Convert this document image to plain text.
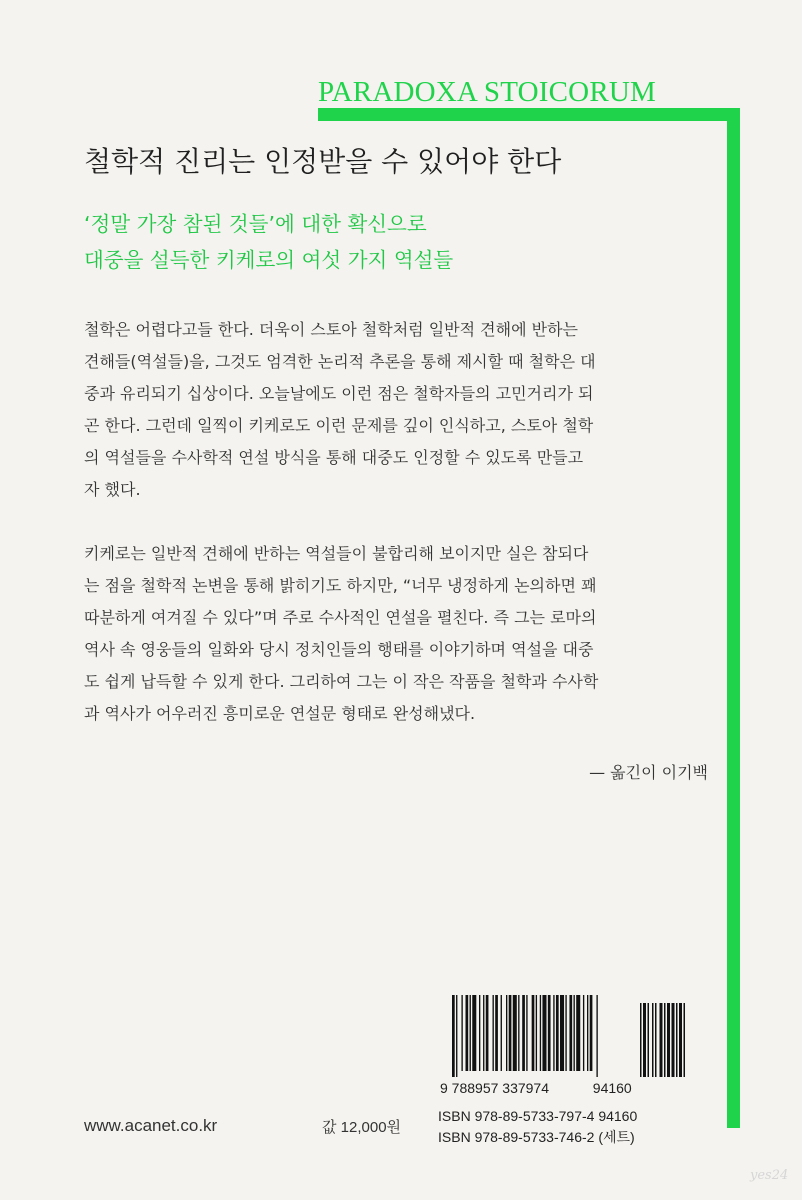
PARADOXA STOICORUM
철학적 진리는 인정받을 수 있어야 한다
‘정말 가장 참된 것들’에 대한 확신으로
대중을 설득한 키케로의 여섯 가지 역설들
철학은 어렵다고들 한다. 더욱이 스토아 철학처럼 일반적 견해에 반하는
견해들(역설들)을, 그것도 엄격한 논리적 추론을 통해 제시할 때 철학은 대
중과 유리되기 십상이다. 오늘날에도 이런 점은 철학자들의 고민거리가 되
곤 한다. 그런데 일찍이 키케로도 이런 문제를 깊이 인식하고, 스토아 철학
의 역설들을 수사학적 연설 방식을 통해 대중도 인정할 수 있도록 만들고
자 했다.
키케로는 일반적 견해에 반하는 역설들이 불합리해 보이지만 실은 참되다
는 점을 철학적 논변을 통해 밝히기도 하지만, “너무 냉정하게 논의하면 꽤
따분하게 여겨질 수 있다”며 주로 수사적인 연설을 펼친다. 즉 그는 로마의
역사 속 영웅들의 일화와 당시 정치인들의 행태를 이야기하며 역설을 대중
도 쉽게 납득할 수 있게 한다. 그리하여 그는 이 작은 작품을 철학과 수사학
과 역사가 어우러진 흥미로운 연설문 형태로 완성해냈다.
— 옮긴이 이기백
9 788957 337974	94160
ISBN 978-89-5733-797-4 94160
ISBN 978-89-5733-746-2 (세트)
www.acanet.co.kr	값 12,000원
yes24
